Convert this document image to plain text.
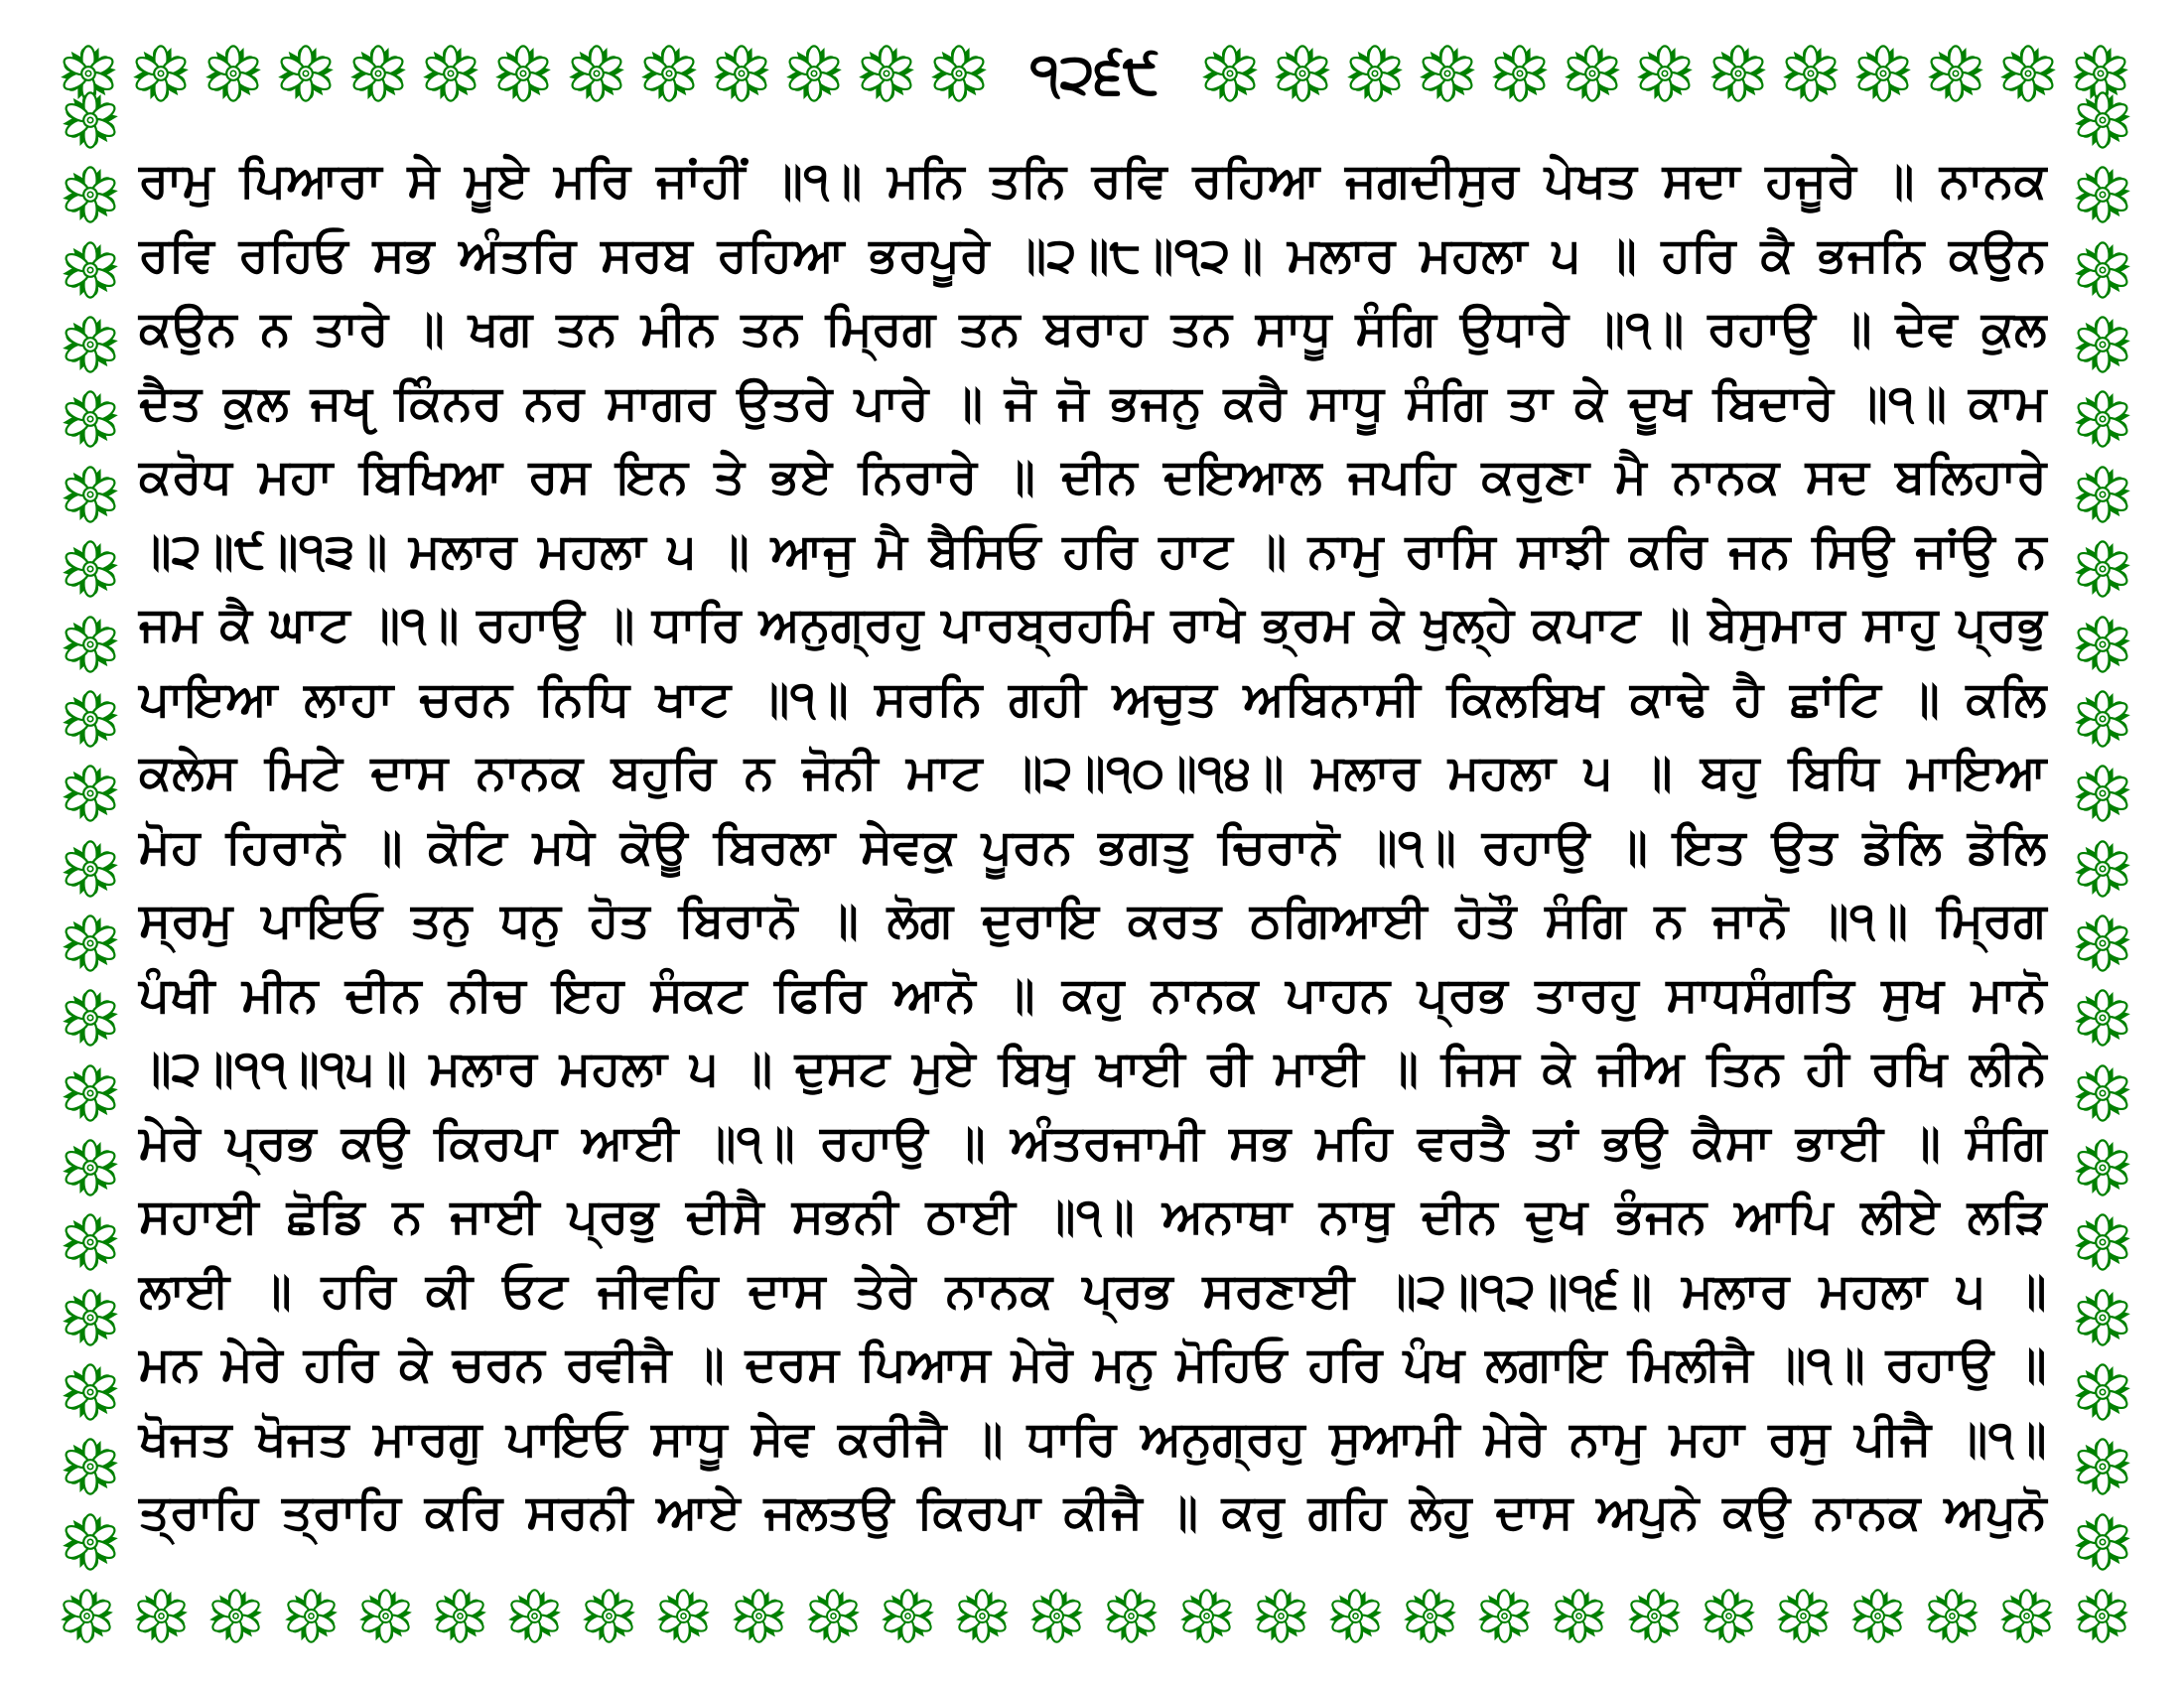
੧੨੬੯
ਰਾਮੁ ਪਿਆਰਾ ਸੇ ਮੂਏ ਮਰਿ ਜਾਂਹੀਂ ॥੧॥ ਮਨਿ ਤਨਿ ਰਵਿ ਰਹਿਆ ਜਗਦੀਸੁਰ ਪੇਖਤ ਸਦਾ ਹਜੂਰੇ ॥ ਨਾਨਕ
ਰਵਿ ਰਹਿਓ ਸਭ ਅੰਤਰਿ ਸਰਬ ਰਹਿਆ ਭਰਪੂਰੇ ॥੨॥੮॥੧੨॥ ਮਲਾਰ ਮਹਲਾ ੫ ॥ ਹਰਿ ਕੈ ਭਜਨਿ ਕਉਨ
ਕਉਨ ਨ ਤਾਰੇ ॥ ਖਗ ਤਨ ਮੀਨ ਤਨ ਮ੍ਰਿਗ ਤਨ ਬਰਾਹ ਤਨ ਸਾਧੂ ਸੰਗਿ ਉਧਾਰੇ ॥੧॥ ਰਹਾਉ ॥ ਦੇਵ ਕੁਲ
ਦੈਤ ਕੁਲ ਜਖੵ ਕਿੰਨਰ ਨਰ ਸਾਗਰ ਉਤਰੇ ਪਾਰੇ ॥ ਜੋ ਜੋ ਭਜਨੁ ਕਰੈ ਸਾਧੂ ਸੰਗਿ ਤਾ ਕੇ ਦੂਖ ਬਿਦਾਰੇ ॥੧॥ ਕਾਮ
ਕਰੋਧ ਮਹਾ ਬਿਖਿਆ ਰਸ ਇਨ ਤੇ ਭਏ ਨਿਰਾਰੇ ॥ ਦੀਨ ਦਇਆਲ ਜਪਹਿ ਕਰੁਣਾ ਮੈ ਨਾਨਕ ਸਦ ਬਲਿਹਾਰੇ
॥੨॥੯॥੧੩॥ ਮਲਾਰ ਮਹਲਾ ੫ ॥ ਆਜੁ ਮੈ ਬੈਸਿਓ ਹਰਿ ਹਾਟ ॥ ਨਾਮੁ ਰਾਸਿ ਸਾਝੀ ਕਰਿ ਜਨ ਸਿਉ ਜਾਂਉ ਨ
ਜਮ ਕੈ ਘਾਟ ॥੧॥ ਰਹਾਉ ॥ ਧਾਰਿ ਅਨੁਗ੍ਰਹੁ ਪਾਰਬ੍ਰਹਮਿ ਰਾਖੇ ਭ੍ਰਮ ਕੇ ਖੁਲ੍ਹੇ ਕਪਾਟ ॥ ਬੇਸੁਮਾਰ ਸਾਹੁ ਪ੍ਰਭੁ
ਪਾਇਆ ਲਾਹਾ ਚਰਨ ਨਿਧਿ ਖਾਟ ॥੧॥ ਸਰਨਿ ਗਹੀ ਅਚੁਤ ਅਬਿਨਾਸੀ ਕਿਲਬਿਖ ਕਾਢੇ ਹੈ ਛਾਂਟਿ ॥ ਕਲਿ
ਕਲੇਸ ਮਿਟੇ ਦਾਸ ਨਾਨਕ ਬਹੁਰਿ ਨ ਜੋਨੀ ਮਾਟ ॥੨॥੧੦॥੧੪॥ ਮਲਾਰ ਮਹਲਾ ੫ ॥ ਬਹੁ ਬਿਧਿ ਮਾਇਆ
ਮੋਹ ਹਿਰਾਨੋ ॥ ਕੋਟਿ ਮਧੇ ਕੋਊ ਬਿਰਲਾ ਸੇਵਕੁ ਪੂਰਨ ਭਗਤੁ ਚਿਰਾਨੋ ॥੧॥ ਰਹਾਉ ॥ ਇਤ ਉਤ ਡੋਲਿ ਡੋਲਿ
ਸ੍ਰਮੁ ਪਾਇਓ ਤਨੁ ਧਨੁ ਹੋਤ ਬਿਰਾਨੋ ॥ ਲੋਗ ਦੁਰਾਇ ਕਰਤ ਠਗਿਆਈ ਹੋਤੌ ਸੰਗਿ ਨ ਜਾਨੋ ॥੧॥ ਮ੍ਰਿਗ
ਪੰਖੀ ਮੀਨ ਦੀਨ ਨੀਚ ਇਹ ਸੰਕਟ ਫਿਰਿ ਆਨੋ ॥ ਕਹੁ ਨਾਨਕ ਪਾਹਨ ਪ੍ਰਭ ਤਾਰਹੁ ਸਾਧਸੰਗਤਿ ਸੁਖ ਮਾਨੋ
॥੨॥੧੧॥੧੫॥ ਮਲਾਰ ਮਹਲਾ ੫ ॥ ਦੁਸਟ ਮੁਏ ਬਿਖੁ ਖਾਈ ਰੀ ਮਾਈ ॥ ਜਿਸ ਕੇ ਜੀਅ ਤਿਨ ਹੀ ਰਖਿ ਲੀਨੇ
ਮੇਰੇ ਪ੍ਰਭ ਕਉ ਕਿਰਪਾ ਆਈ ॥੧॥ ਰਹਾਉ ॥ ਅੰਤਰਜਾਮੀ ਸਭ ਮਹਿ ਵਰਤੈ ਤਾਂ ਭਉ ਕੈਸਾ ਭਾਈ ॥ ਸੰਗਿ
ਸਹਾਈ ਛੋਡਿ ਨ ਜਾਈ ਪ੍ਰਭੁ ਦੀਸੈ ਸਭਨੀ ਠਾਈ ॥੧॥ ਅਨਾਥਾ ਨਾਥੁ ਦੀਨ ਦੁਖ ਭੰਜਨ ਆਪਿ ਲੀਏ ਲੜਿ
ਲਾਈ ॥ ਹਰਿ ਕੀ ਓਟ ਜੀਵਹਿ ਦਾਸ ਤੇਰੇ ਨਾਨਕ ਪ੍ਰਭ ਸਰਣਾਈ ॥੨॥੧੨॥੧੬॥ ਮਲਾਰ ਮਹਲਾ ੫ ॥
ਮਨ ਮੇਰੇ ਹਰਿ ਕੇ ਚਰਨ ਰਵੀਜੈ ॥ ਦਰਸ ਪਿਆਸ ਮੇਰੋ ਮਨੁ ਮੋਹਿਓ ਹਰਿ ਪੰਖ ਲਗਾਇ ਮਿਲੀਜੈ ॥੧॥ ਰਹਾਉ ॥
ਖੋਜਤ ਖੋਜਤ ਮਾਰਗੁ ਪਾਇਓ ਸਾਧੂ ਸੇਵ ਕਰੀਜੈ ॥ ਧਾਰਿ ਅਨੁਗ੍ਰਹੁ ਸੁਆਮੀ ਮੇਰੇ ਨਾਮੁ ਮਹਾ ਰਸੁ ਪੀਜੈ ॥੧॥
ਤ੍ਰਾਹਿ ਤ੍ਰਾਹਿ ਕਰਿ ਸਰਨੀ ਆਏ ਜਲਤਉ ਕਿਰਪਾ ਕੀਜੈ ॥ ਕਰੁ ਗਹਿ ਲੇਹੁ ਦਾਸ ਅਪੁਨੇ ਕਉ ਨਾਨਕ ਅਪੁਨੋ
